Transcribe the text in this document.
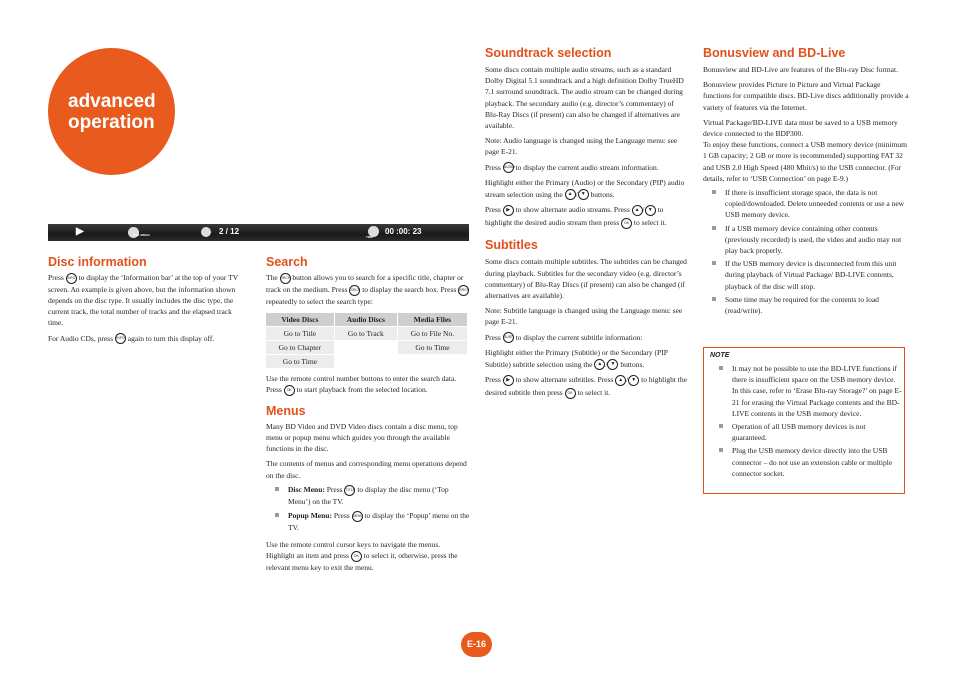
advanced
operation
▶	DVD-VIDEO	2 / 12
TIME
00 :00: 23
Disc information

Press INFO to display the ‘Information bar’ at the top of your TV screen. An example is given above, but the information shown depends on the disc type. It usually includes the disc type, the current track, the total number of tracks and the elapsed track time.

For Audio CDs, press INFO again to turn this display off.

Search

The SRCH button allows you to search for a specific title, chapter or track on the medium. Press SRCH to display the search box. Press SRCH repeatedly to select the search type:

Video Discs	Audio Discs	Media Files
Go to Title	Go to Track	Go to File No.
Go to Chapter		Go to Time
Go to Time		

Use the remote control number buttons to enter the search data. Press OK to start playback from the selected location.

Menus

Many BD Video and DVD Video discs contain a disc menu, top menu or popup menu which guides you through the available functions in the disc.

The contents of menus and corresponding menu operations depend on the disc.

Disc Menu: Press TITLE to display the disc menu (‘Top Menu’) on the TV.
Popup Menu: Press MENU to display the ‘Popup’ menu on the TV.

Use the remote control cursor keys to navigate the menus. Highlight an item and press OK to select it, otherwise, press the relevant menu key to exit the menu.

Soundtrack selection

Some discs contain multiple audio streams, such as a standard Dolby Digital 5.1 soundtrack and a high definition Dolby TrueHD 7.1 surround soundtrack. The audio stream can be changed during playback. The secondary audio (e.g. director’s commentary) of Blu-Ray Discs (if present) can also be changed if alternatives are available.

Note: Audio language is changed using the Language menu: see page E-21.

Press AUDIO to display the current audio stream information.

Highlight either the Primary (Audio) or the Secondary (PIP) audio stream selection using the ▲ / ▼ buttons.

Press ▶ to show alternate audio streams. Press ▲ / ▼ to highlight the desired audio stream then press OK to select it.

Subtitles

Some discs contain multiple subtitles. The subtitles can be changed during playback. Subtitles for the secondary video (e.g. director’s commentary) of Blu-Ray Discs (if present) can also be changed (if alternatives are available).

Note: Subtitle language is changed using the Language menu: see page E-21.

Press SUBT to display the current subtitle information:

Highlight either the Primary (Subtitle) or the Secondary (PIP Subtitle) subtitle selection using the ▲ / ▼ buttons.

Press ▶ to show alternate subtitles. Press ▲ / ▼ to highlight the desired subtitle then press OK to select it.

Bonusview and BD-Live

Bonusview and BD-Live are features of the Blu-ray Disc format.

Bonusview provides Picture in Picture and Virtual Package functions for compatible discs. BD-Live discs additionally provide a variety of features via the Internet.

Virtual Package/BD-LIVE data must be saved to a USB memory device connected to the BDP300.

To enjoy these functions, connect a USB memory device (minimum 1 GB capacity; 2 GB or more is recommended) supporting FAT 32 and USB 2.0 High Speed (480 Mbit/s) to the USB connector. (For details, refer to ‘USB Connection’ on page E-9.)

If there is insufficient storage space, the data is not copied/downloaded. Delete unneeded contents or use a new USB memory device.
If a USB memory device containing other contents (previously recorded) is used, the video and audio may not play back properly.
If the USB memory device is disconnected from this unit during playback of Virtual Package/ BD-LIVE contents, playback of the disc will stop.
Some time may be required for the contents to load (read/write).
NOTE
It may not be possible to use the BD-LIVE functions if there is insufficient space on the USB memory device. In this case, refer to ‘Erase Blu-ray Storage?’ on page E-21 for erasing the Virtual Package contents and the BD-LIVE contents in the USB memory device.
Operation of all USB memory devices is not guaranteed.
Plug the USB memory device directly into the USB connector – do not use an extension cable or multiple connector socket.
E-16
